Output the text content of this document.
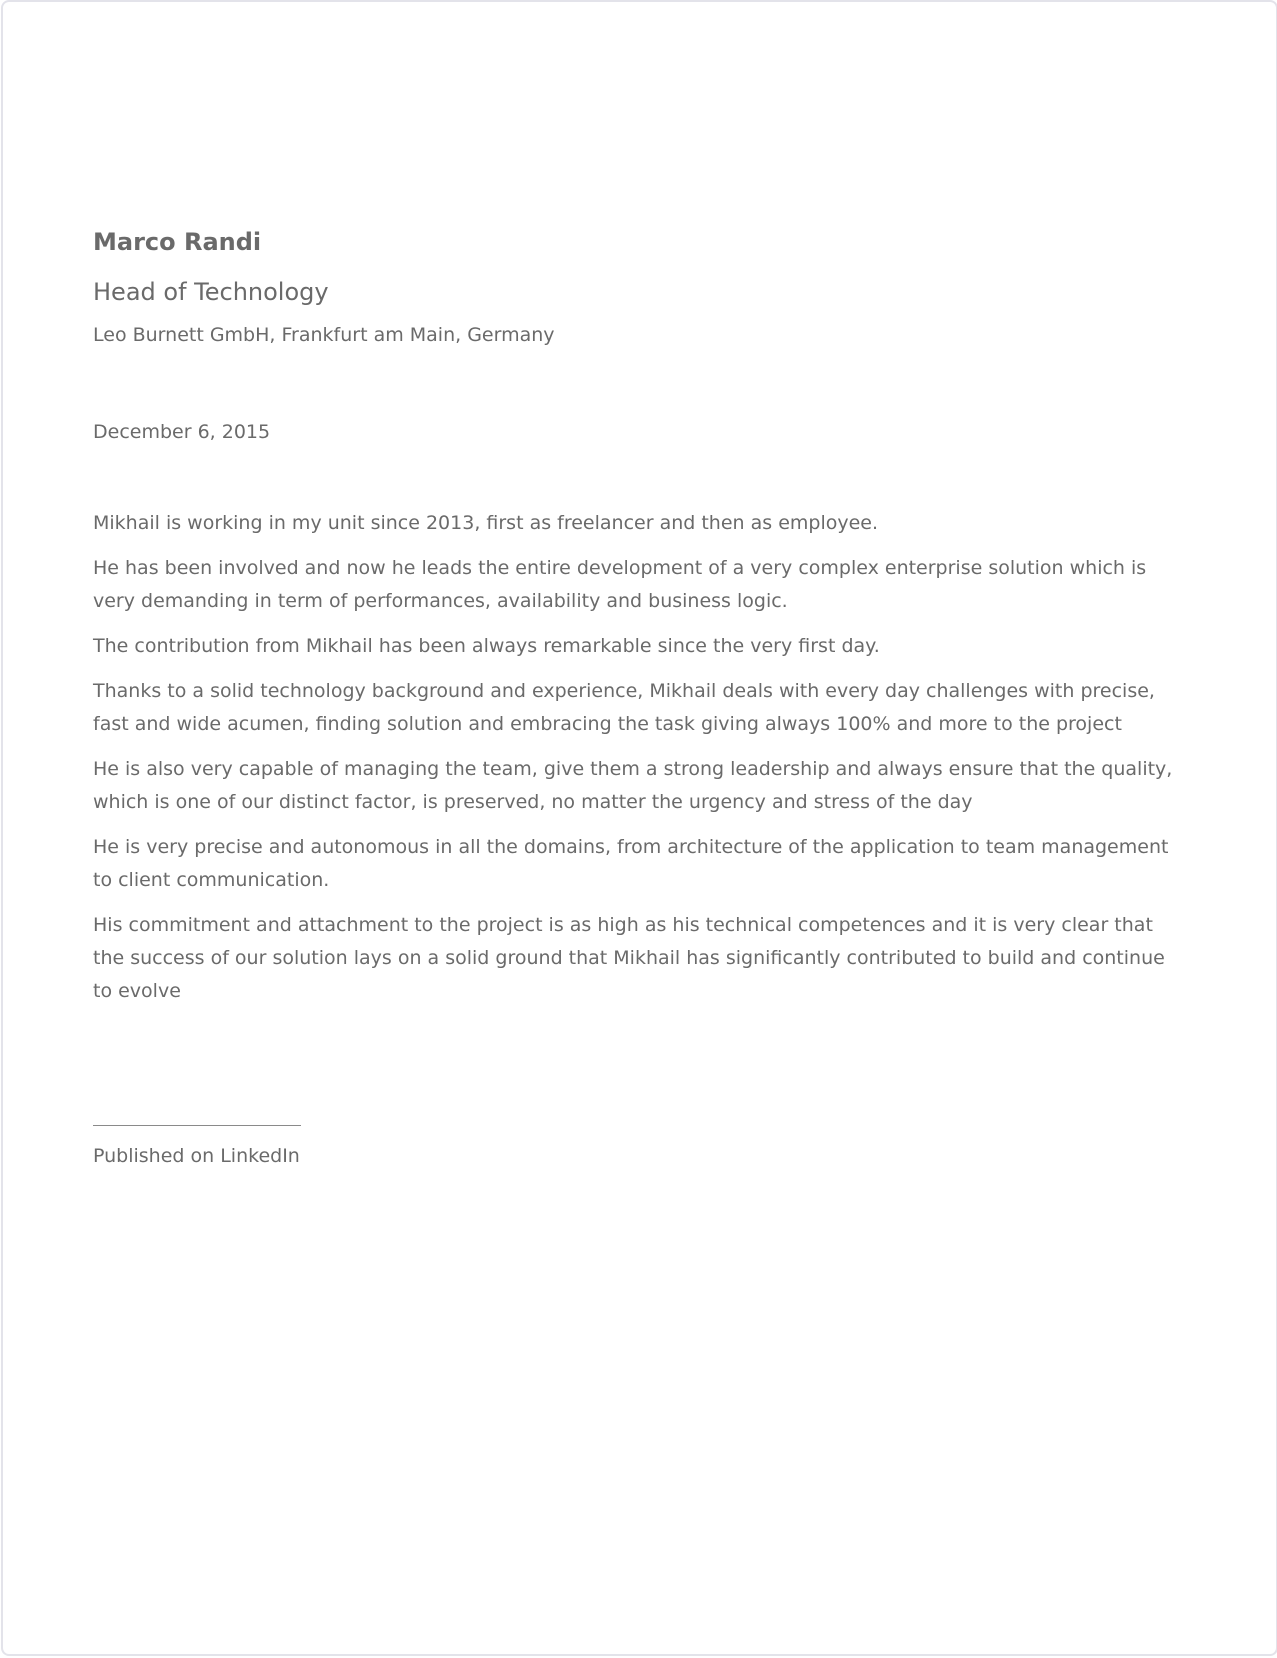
Marco Randi
Head of Technology
Leo Burnett GmbH, Frankfurt am Main, Germany
December 6, 2015

Mikhail is working in my unit since 2013, first as freelancer and then as employee.

He has been involved and now he leads the entire development of a very complex enterprise solution which is very demanding in term of performances, availability and business logic.

The contribution from Mikhail has been always remarkable since the very first day.

Thanks to a solid technology background and experience, Mikhail deals with every day challenges with precise, fast and wide acumen, finding solution and embracing the task giving always 100% and more to the project

He is also very capable of managing the team, give them a strong leadership and always ensure that the quality, which is one of our distinct factor, is preserved, no matter the urgency and stress of the day

He is very precise and autonomous in all the domains, from architecture of the application to team management to client communication.

His commitment and attachment to the project is as high as his technical competences and it is very clear that the success of our solution lays on a solid ground that Mikhail has significantly contributed to build and continue to evolve

Published on LinkedIn
